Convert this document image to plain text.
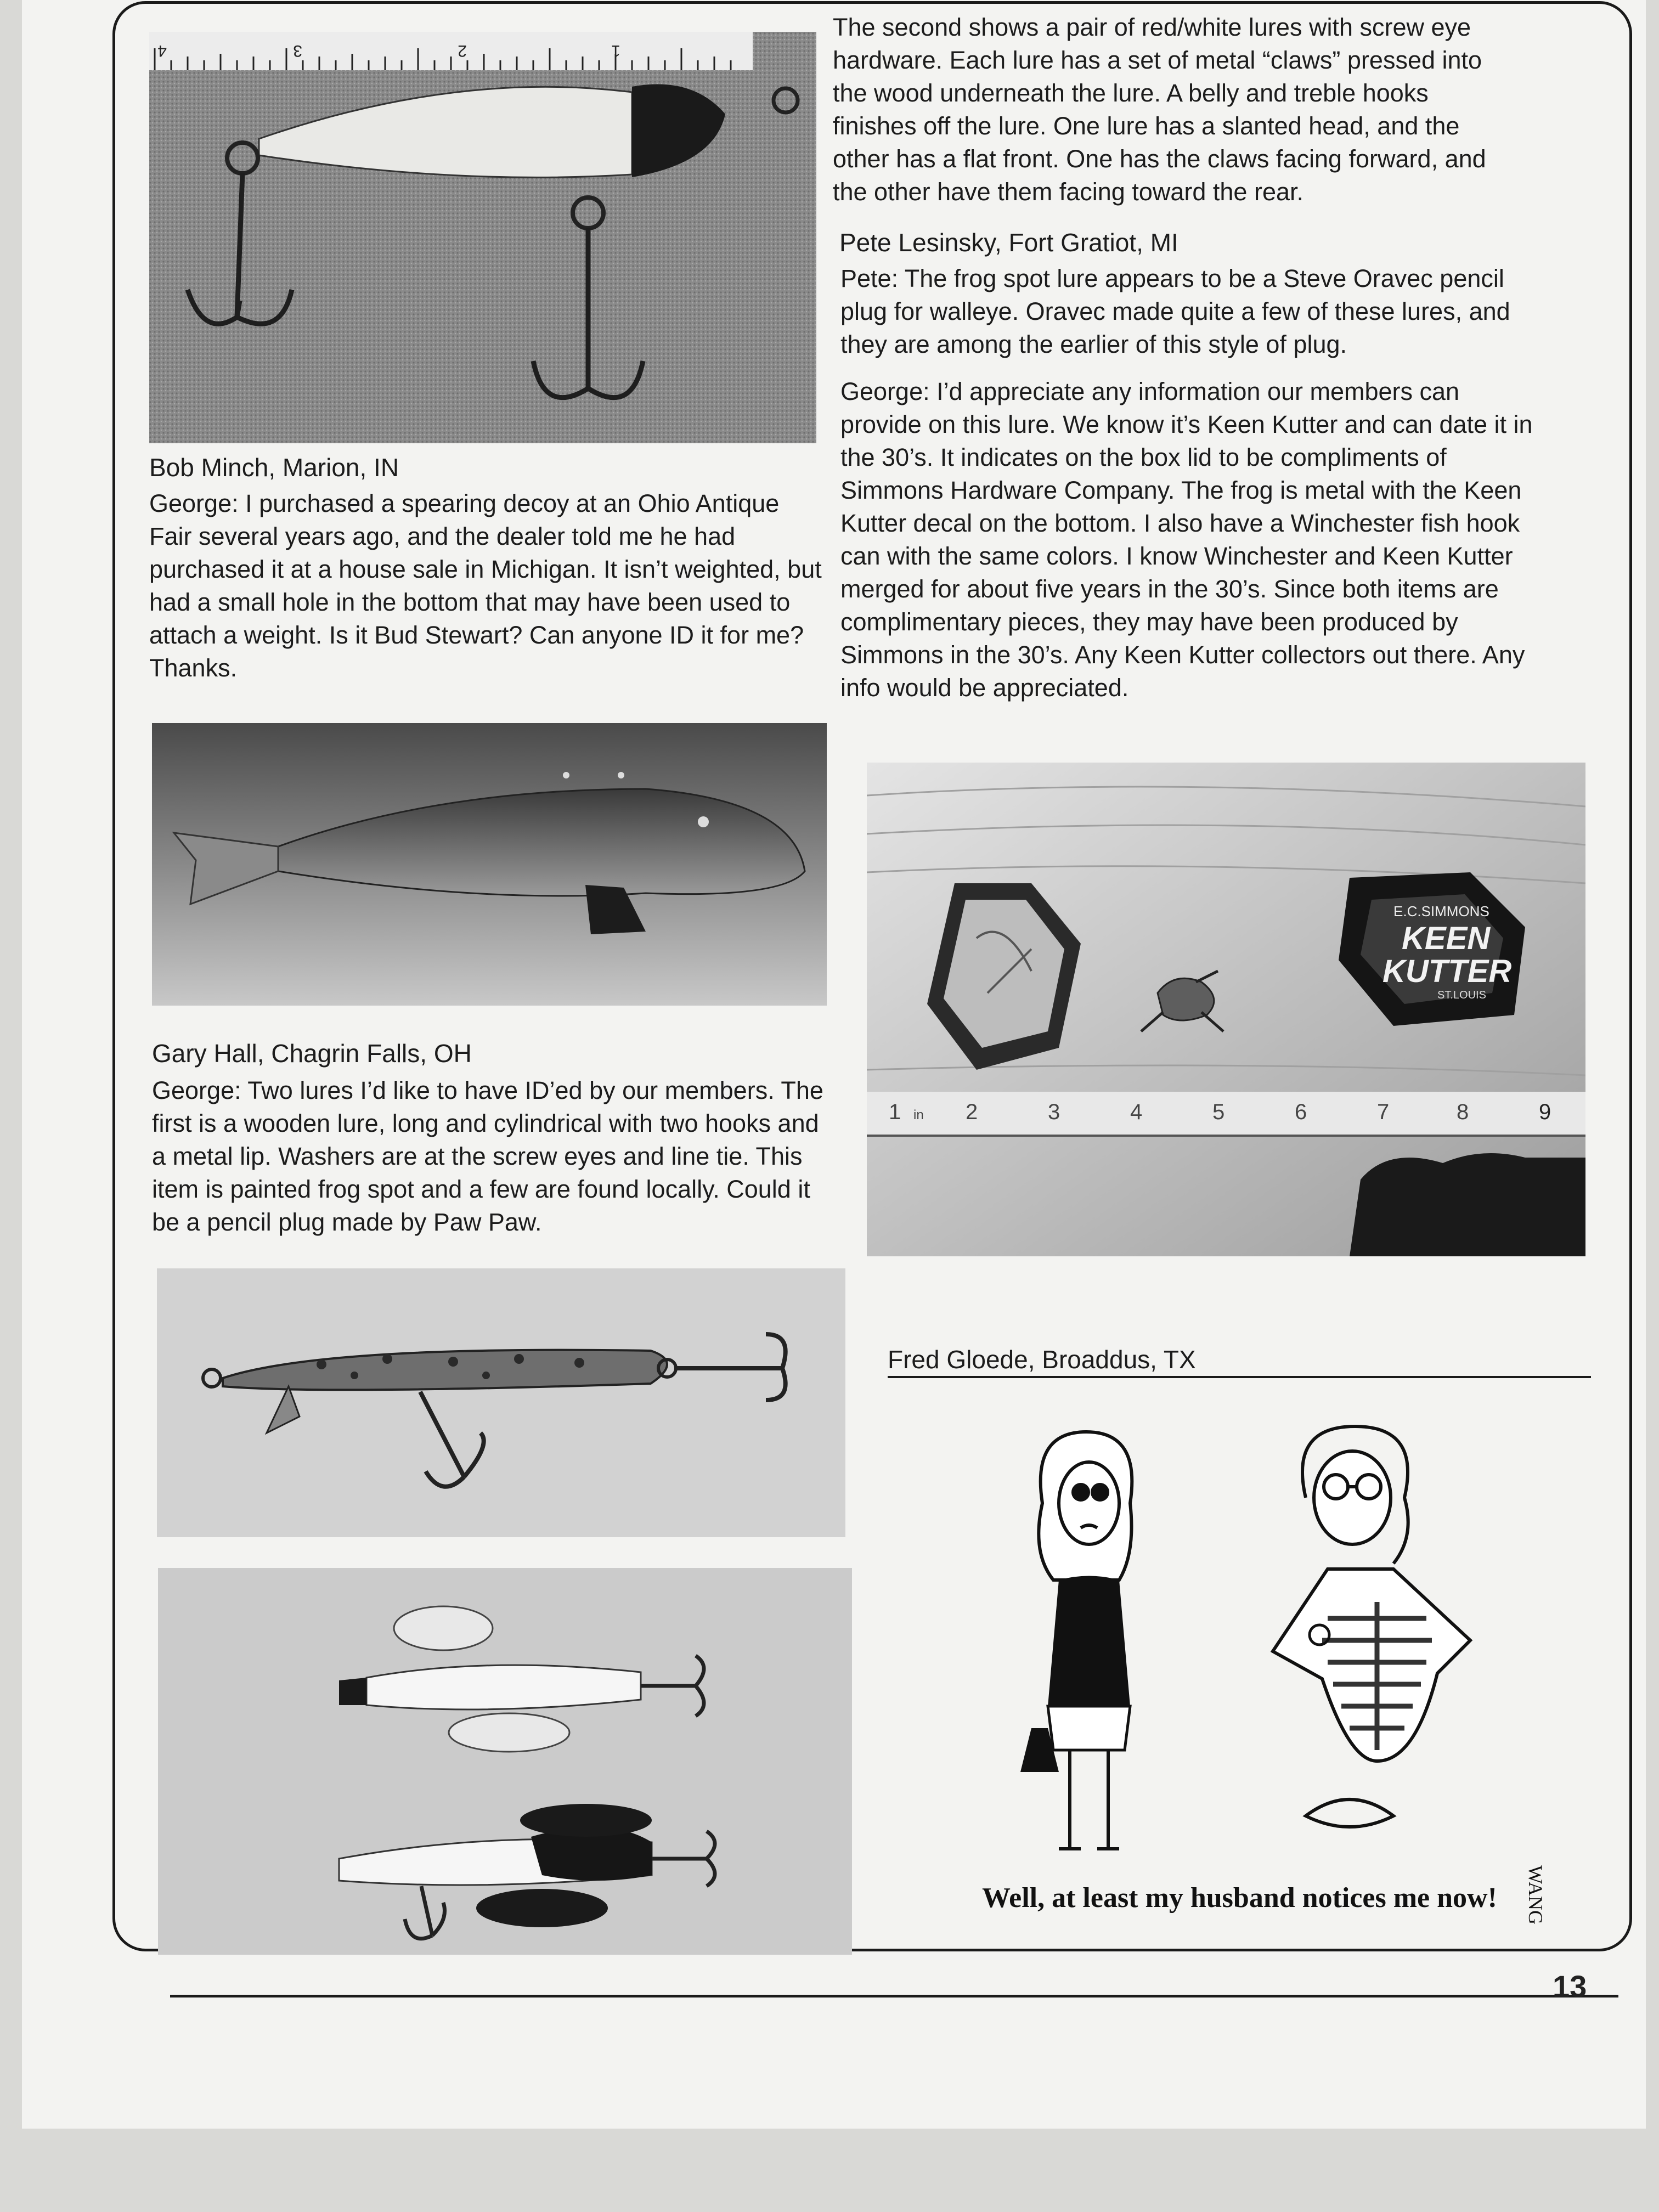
4	3	2	1
Bob Minch, Marion, IN

George: I purchased a spearing decoy at an Ohio Antique Fair several years ago, and the dealer told me he had purchased it at a house sale in Michigan. It isn’t weighted, but had a small hole in the bottom that may have been used to attach a weight. Is it Bud Stewart? Can anyone ID it for me? Thanks.

Gary Hall, Chagrin Falls, OH

George: Two lures I’d like to have ID’ed by our members. The first is a wooden lure, long and cylindrical with two hooks and a metal lip. Washers are at the screw eyes and line tie. This item is painted frog spot and a few are found locally. Could it be a pencil plug made by Paw Paw.

The second shows a pair of red/white lures with screw eye hardware. Each lure has a set of metal “claws” pressed into the wood underneath the lure. A belly and treble hooks finishes off the lure. One lure has a slanted head, and the other has a flat front. One has the claws facing forward, and the other have them facing toward the rear.

Pete Lesinsky, Fort Gratiot, MI

Pete: The frog spot lure appears to be a Steve Oravec pencil plug for walleye. Oravec made quite a few of these lures, and they are among the earlier of this style of plug.

George: I’d appreciate any information our members can provide on this lure. We know it’s Keen Kutter and can date it in the 30’s. It indicates on the box lid to be compliments of Simmons Hardware Company. The frog is metal with the Keen Kutter decal on the bottom. I also have a Winchester fish hook can with the same colors. I know Winchester and Keen Kutter merged for about five years in the 30’s. Since both items are complimentary pieces, they may have been produced by Simmons in the 30’s. Any Keen Kutter collectors out there. Any info would be appreciated.

1 in 2	3	4	5	6	7	8	9
E.C.SIMMONS
KEEN
KUTTER
ST.LOUIS
Fred Gloede, Broaddus, TX
Well, at least my husband notices me now! WANG
13
